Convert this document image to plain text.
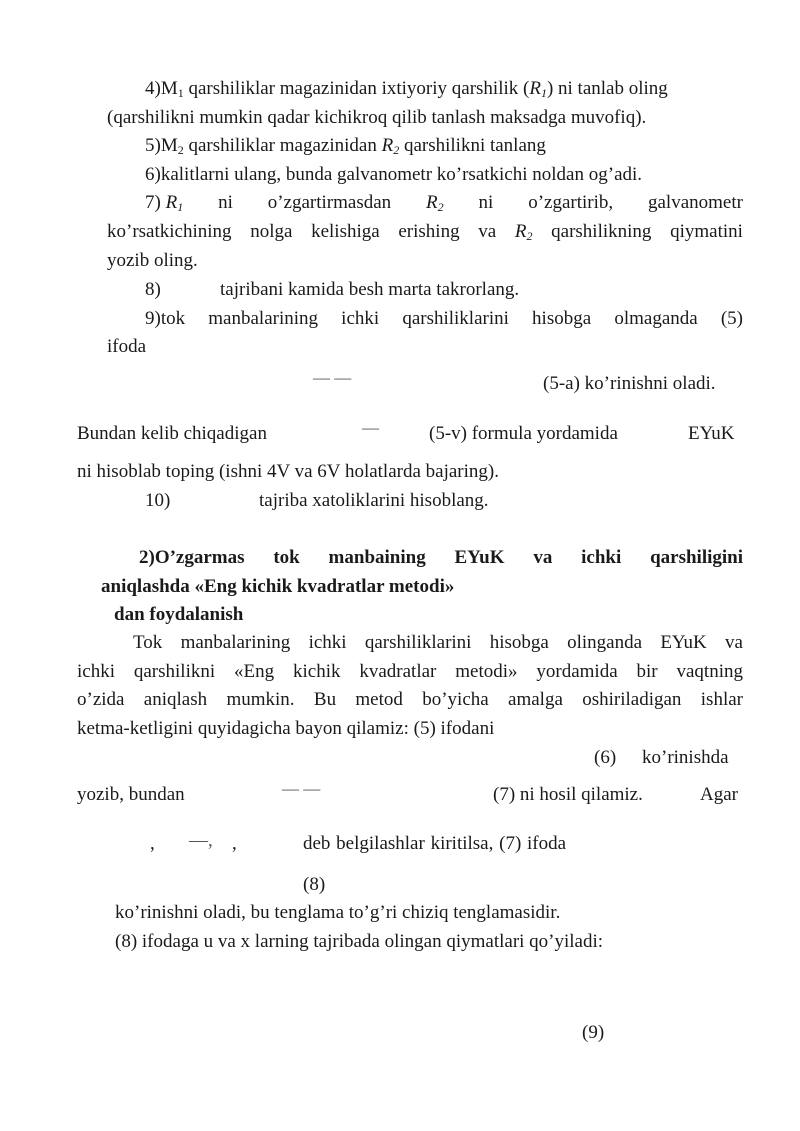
$4)M_1$ qarshiliklar magazinidan ixtiyoriy qarshilik $(R_1)$ ni tanlab oling
(qarshilikni mumkin qadar kichikroq qilib tanlash maksadga muvofiq).
$5)M_2$ qarshiliklar magazinidan $R_2$ qarshilikni tanlang
6)kalitlarni ulang, bunda galvanometr ko’rsatkichi noldan og’adi.
7) $R_1$ ni o’zgartirmasdan $R_2$ ni o’zgartirib, galvanometr
ko’rsatkichining nolga kelishiga erishing va $R_2$ qarshilikning qiymatini
yozib oling.
8)	tajribani kamida besh marta takrorlang.
9)tok manbalarining ichki qarshiliklarini hisobga olmaganda (5)
ifoda
— —	(5-a) ko’rinishni oladi.
Bundan kelib chiqadigan	—	(5-v) formula yordamida	EYuK
ni hisoblab toping (ishni 4V va 6V holatlarda bajaring).
10)	tajriba xatoliklarini hisoblang.
2)O’zgarmas tok manbaining EYuK va ichki qarshiligini
aniqlashda «Eng kichik kvadratlar metodi»
dan foydalanish
Tok manbalarining ichki qarshiliklarini hisobga olinganda EYuK va
ichki qarshilikni «Eng kichik kvadratlar metodi» yordamida bir vaqtning
o’zida aniqlash mumkin. Bu metod bo’yicha amalga oshiriladigan ishlar
ketma-ketligini quyidagicha bayon qilamiz: (5) ifodani
(6) ko’rinishda
yozib, bundan	— —	(7) ni hosil qilamiz.	Agar
, —, ,	deb belgilashlar kiritilsa, (7) ifoda
(8)
ko’rinishni oladi, bu tenglama to’g’ri chiziq tenglamasidir.
(8) ifodaga u va x larning tajribada olingan qiymatlari qo’yiladi:
(9)
